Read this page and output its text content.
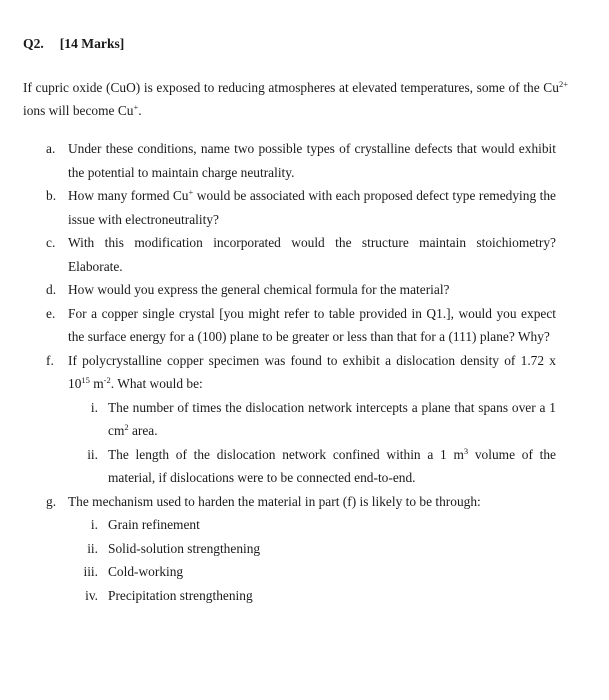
Q2. [14 Marks]
If cupric oxide (CuO) is exposed to reducing atmospheres at elevated temperatures, some of the $Cu^{2+}$ ions will become Cu+.
a. Under these conditions, name two possible types of crystalline defects that would exhibit the potential to maintain charge neutrality.
b. How many formed Cu+ would be associated with each proposed defect type remedying the issue with electroneutrality?
c. With this modification incorporated would the structure maintain stoichiometry? Elaborate.
d. How would you express the general chemical formula for the material?
e. For a copper single crystal [you might refer to table provided in Q1.], would you expect the surface energy for a (100) plane to be greater or less than that for a (111) plane? Why?
f. If polycrystalline copper specimen was found to exhibit a dislocation density of 1.72 x $10^{15}$ $m^{-2}$. What would be:
i. The number of times the dislocation network intercepts a plane that spans over a 1 $cm^2$ area.
ii. The length of the dislocation network confined within a 1 $m^3$ volume of the material, if dislocations were to be connected end-to-end.
g. The mechanism used to harden the material in part (f) is likely to be through:
i. Grain refinement
ii. Solid-solution strengthening
iii. Cold-working
iv. Precipitation strengthening
